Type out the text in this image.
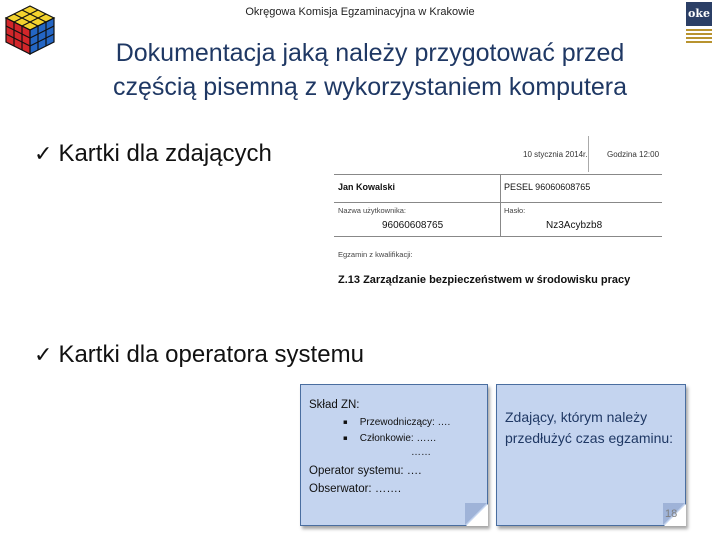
Okręgowa Komisja Egzaminacyjna w Krakowie	oke
Dokumentacja jaką należy przygotować przed
częścią pisemną z wykorzystaniem komputera
✓ Kartki dla zdających	10 stycznia 2014r. Godzina 12:00
Jan Kowalski	PESEL 96060608765
Nazwa użytkownika:
96060608765
Hasło:
Nz3Acybzb8
Egzamin z kwalifikacji:
Z.13 Zarządzanie bezpieczeństwem w środowisku pracy
✓ Kartki dla operatora systemu
Skład ZN:
▪ Przewodniczący: ….
▪ Członkowie: ……
……
Operator systemu: ….
Obserwator: …….
Zdający, którym należy przedłużyć czas egzaminu:
18
